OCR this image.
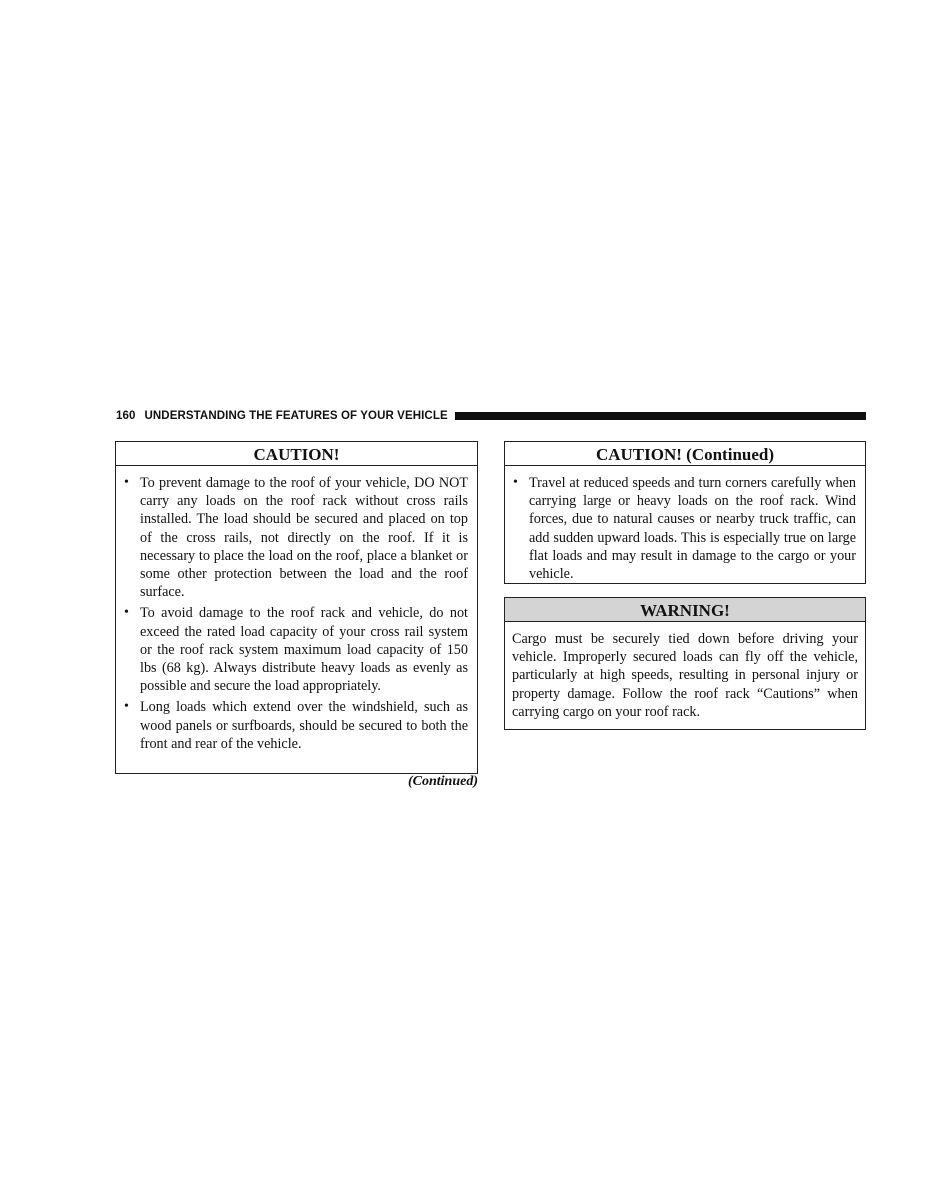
160 UNDERSTANDING THE FEATURES OF YOUR VEHICLE
CAUTION!
• To prevent damage to the roof of your vehicle, DO NOT carry any loads on the roof rack without cross rails installed. The load should be secured and placed on top of the cross rails, not directly on the roof. If it is necessary to place the load on the roof, place a blanket or some other protection between the load and the roof surface.
• To avoid damage to the roof rack and vehicle, do not exceed the rated load capacity of your cross rail system or the roof rack system maximum load capacity of 150 lbs (68 kg). Always distribute heavy loads as evenly as possible and secure the load appropriately.
• Long loads which extend over the windshield, such as wood panels or surfboards, should be secured to both the front and rear of the vehicle.
(Continued)
CAUTION! (Continued)
• Travel at reduced speeds and turn corners carefully when carrying large or heavy loads on the roof rack. Wind forces, due to natural causes or nearby truck traffic, can add sudden upward loads. This is especially true on large flat loads and may result in damage to the cargo or your vehicle.
WARNING!

Cargo must be securely tied down before driving your vehicle. Improperly secured loads can fly off the vehicle, particularly at high speeds, resulting in personal injury or property damage. Follow the roof rack “Cautions” when carrying cargo on your roof rack.
